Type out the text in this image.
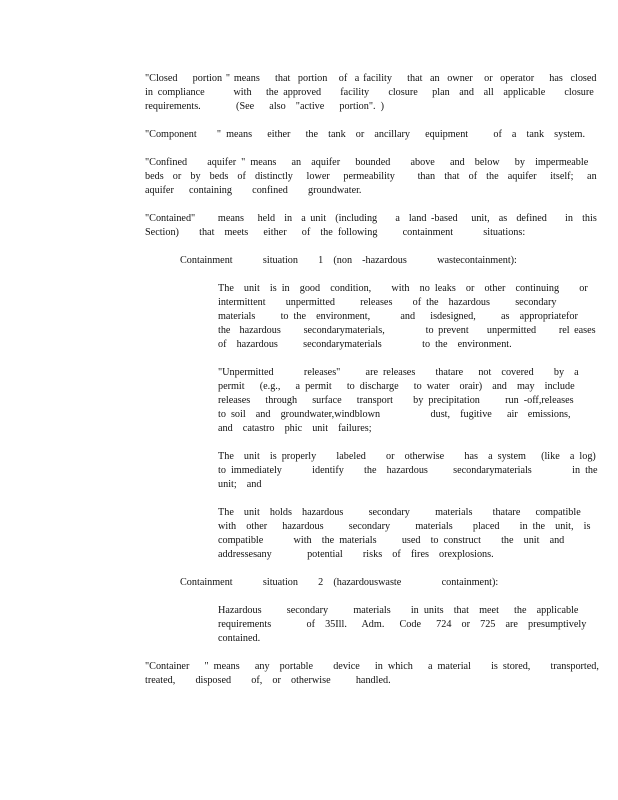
"Closed    portion " means    that  portion   of  a facility    that  an  owner   or  operator    has  closed

in compliance      with   the approved    facility    closure   plan  and  all  applicable    closure

requirements.       (See   also  "active   portion". )

"Component    " means   either   the  tank  or  ancillary   equipment     of  a  tank  system.

"Confined    aquifer " means   an  aquifer   bounded    above   and  below   by  impermeable

beds  or  by  beds  of  distinctly   lower   permeability     than  that  of  the  aquifer   itself;   an

aquifer   containing    confined    groundwater.

"Contained"     means   held  in  a unit  (including    a  land -based   unit,  as  defined    in  this

Section)    that  meets   either   of  the following     containment      situations:

Containment      situation    1  (non  -hazardous      wastecontainment):

The  unit  is in  good  condition,    with  no leaks  or  other  continuing    or

intermittent    unpermitted     releases    of the  hazardous     secondary

materials     to the  environment,      and   isdesigned,     as  appropriatefor

the  hazardous     secondarymaterials,         to prevent    unpermitted     rel eases

of  hazardous     secondarymaterials        to the  environment.

"Unpermitted      releases"     are releases    thatare   not  covered    by  a

permit   (e.g.,   a permit   to discharge   to water  orair)  and  may  include

releases   through   surface   transport    by precipitation     run -off,releases

to soil  and  groundwater,windblown          dust,  fugitive   air  emissions,

and  catastro  phic  unit  failures;

The  unit  is properly    labeled    or  otherwise    has  a system   (like  a log)

to immediately      identify    the  hazardous     secondarymaterials        in the

unit;  and

The  unit  holds  hazardous     secondary     materials    thatare   compatible

with  other   hazardous     secondary     materials    placed    in the  unit,  is

compatible      with  the materials     used  to construct    the  unit  and

addressesany       potential    risks  of  fires  orexplosions.

Containment      situation    2  (hazardouswaste        containment):

Hazardous     secondary     materials    in units  that  meet   the  applicable

requirements       of  35Ill.   Adm.   Code   724  or  725  are  presumptively

contained.

"Container   " means   any  portable    device   in which   a material    is stored,    transported,

treated,    disposed    of,  or  otherwise     handled.
